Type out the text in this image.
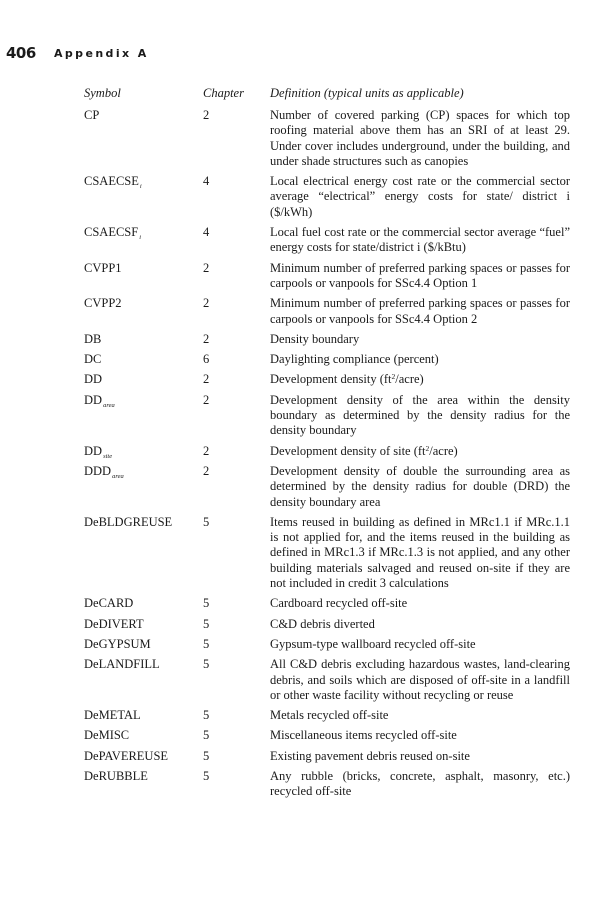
406 Appendix A
Symbol	Chapter	Definition (typical units as applicable)
CP	2	Number of covered parking (CP) spaces for which top roofing material above them has an SRI of at least 29. Under cover includes underground, under the building, and under shade structures such as canopies
$CSAECSE_i$	4	Local electrical energy cost rate or the commercial sector average “electrical” energy costs for state/ district i ($/kWh)
$CSAECSF_i$	4	Local fuel cost rate or the commercial sector average “fuel” energy costs for state/district i ($/kBtu)
CVPP1	2	Minimum number of preferred parking spaces or passes for carpools or vanpools for SSc4.4 Option 1
CVPP2	2	Minimum number of preferred parking spaces or passes for carpools or vanpools for SSc4.4 Option 2
DB	2	Density boundary
DC	6	Daylighting compliance (percent)
DD	2	Development density $(ft^2/acre)$
$DD_{area}$	2	Development density of the area within the density boundary as determined by the density radius for the density boundary
$DD_{site}$	2	Development density of site $(ft^2/acre)$
$DDD_{area}$	2	Development density of double the surrounding area as determined by the density radius for double (DRD) the density boundary area
DeBLDGREUSE	5	Items reused in building as defined in MRc1.1 if MRc.1.1 is not applied for, and the items reused in the building as defined in MRc1.3 if MRc.1.3 is not applied, and any other building materials salvaged and reused on-site if they are not included in credit 3 calculations
DeCARD	5	Cardboard recycled off-site
DeDIVERT	5	C&D debris diverted
DeGYPSUM	5	Gypsum-type wallboard recycled off-site
DeLANDFILL	5	All C&D debris excluding hazardous wastes, land-clearing debris, and soils which are disposed of off-site in a landfill or other waste facility without recycling or reuse
DeMETAL	5	Metals recycled off-site
DeMISC	5	Miscellaneous items recycled off-site
DePAVEREUSE	5	Existing pavement debris reused on-site
DeRUBBLE	5	Any rubble (bricks, concrete, asphalt, masonry, etc.) recycled off-site
